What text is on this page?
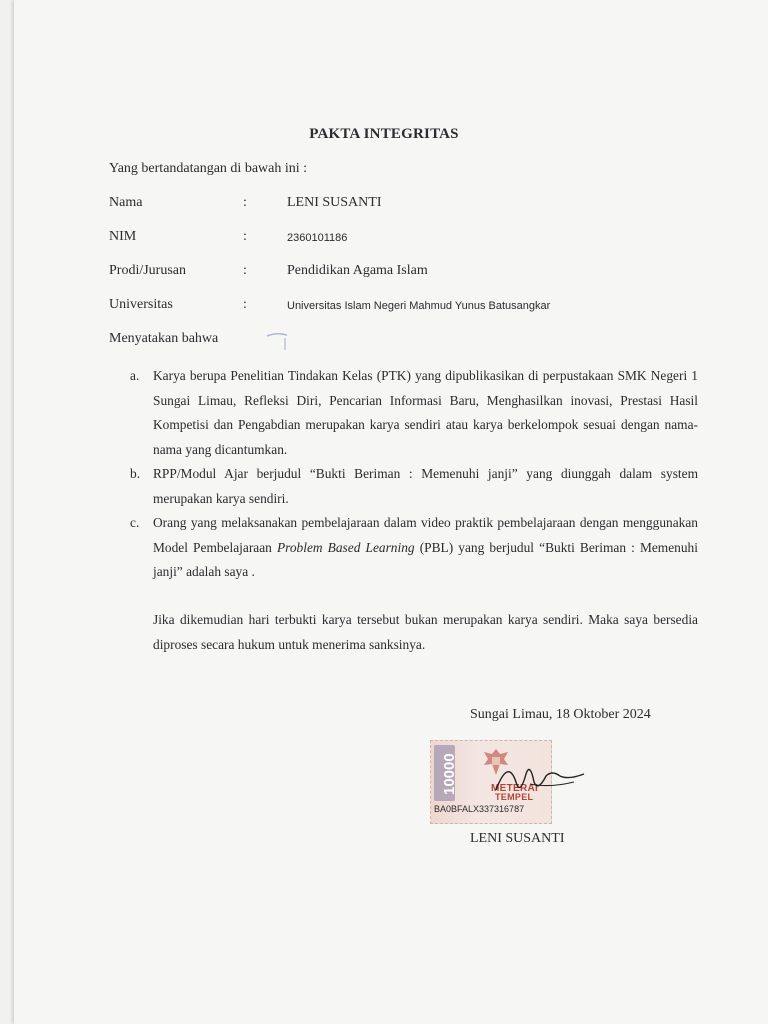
PAKTA INTEGRITAS
Yang bertandatangan di bawah ini :
Nama	:	LENI SUSANTI
NIM	:	2360101186
Prodi/Jurusan	:	Pendidikan Agama Islam
Universitas	:	Universitas Islam Negeri Mahmud Yunus Batusangkar
Menyatakan bahwa
a. Karya berupa Penelitian Tindakan Kelas (PTK) yang dipublikasikan di perpustakaan SMK Negeri 1 Sungai Limau, Refleksi Diri, Pencarian Informasi Baru, Menghasilkan inovasi, Prestasi Hasil Kompetisi dan Pengabdian merupakan karya sendiri atau karya berkelompok sesuai dengan nama-nama yang dicantumkan.
b. RPP/Modul Ajar berjudul “Bukti Beriman : Memenuhi janji” yang diunggah dalam system merupakan karya sendiri.
c. Orang yang melaksanakan pembelajaraan dalam video praktik pembelajaraan dengan menggunakan Model Pembelajaraan Problem Based Learning (PBL) yang berjudul “Bukti Beriman : Memenuhi janji” adalah saya .
Jika dikemudian hari terbukti karya tersebut bukan merupakan karya sendiri. Maka saya bersedia diproses secara hukum untuk menerima sanksinya.
Sungai Limau, 18 Oktober 2024
10000	METERAI
TEMPEL
BA0BFALX337316787
LENI SUSANTI
